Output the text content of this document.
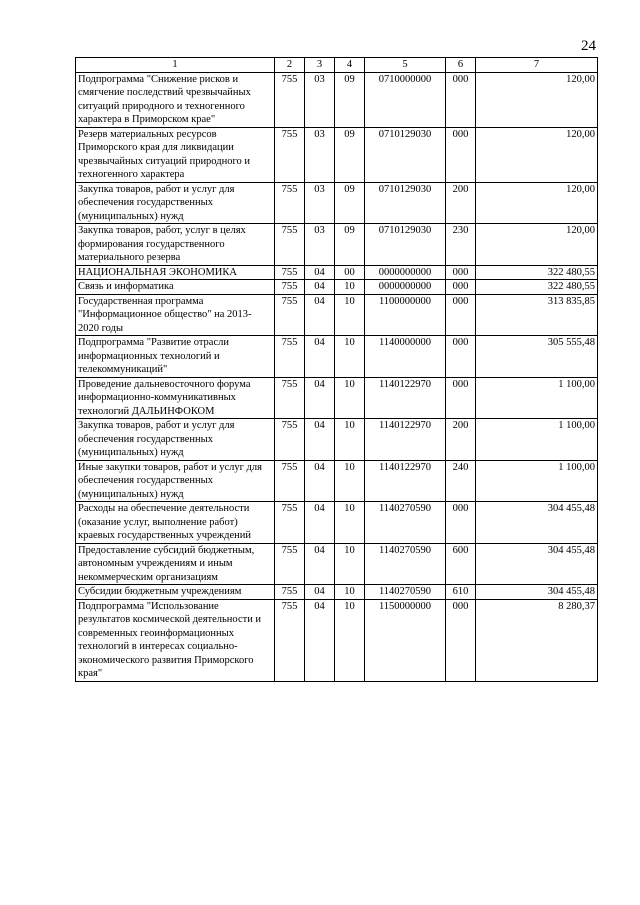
24
1	2	3	4	5	6	7
Подпрограмма "Снижение рисков и смягчение последствий чрезвычайных ситуаций природного и техногенного характера в Приморском крае"	755	03	09	0710000000	000	120,00
Резерв материальных ресурсов Приморского края для ликвидации чрезвычайных ситуаций природного и техногенного характера	755	03	09	0710129030	000	120,00
Закупка товаров, работ и услуг для обеспечения государственных (муниципальных) нужд	755	03	09	0710129030	200	120,00
Закупка товаров, работ, услуг в целях формирования государственного материального резерва	755	03	09	0710129030	230	120,00
НАЦИОНАЛЬНАЯ ЭКОНОМИКА	755	04	00	0000000000	000	322 480,55
Связь и информатика	755	04	10	0000000000	000	322 480,55
Государственная программа "Информационное общество" на 2013-2020 годы	755	04	10	1100000000	000	313 835,85
Подпрограмма "Развитие отрасли информационных технологий и телекоммуникаций"	755	04	10	1140000000	000	305 555,48
Проведение дальневосточного форума информационно-коммуникативных технологий ДАЛЬИНФОКОМ	755	04	10	1140122970	000	1 100,00
Закупка товаров, работ и услуг для обеспечения государственных (муниципальных) нужд	755	04	10	1140122970	200	1 100,00
Иные закупки товаров, работ и услуг для обеспечения государственных (муниципальных) нужд	755	04	10	1140122970	240	1 100,00
Расходы на обеспечение деятельности (оказание услуг, выполнение работ) краевых государственных учреждений	755	04	10	1140270590	000	304 455,48
Предоставление субсидий бюджетным, автономным учреждениям и иным некоммерческим организациям	755	04	10	1140270590	600	304 455,48
Субсидии бюджетным учреждениям	755	04	10	1140270590	610	304 455,48
Подпрограмма "Использование результатов космической деятельности и современных геоинформационных технологий в интересах социально-экономического развития Приморского края"	755	04	10	1150000000	000	8 280,37
